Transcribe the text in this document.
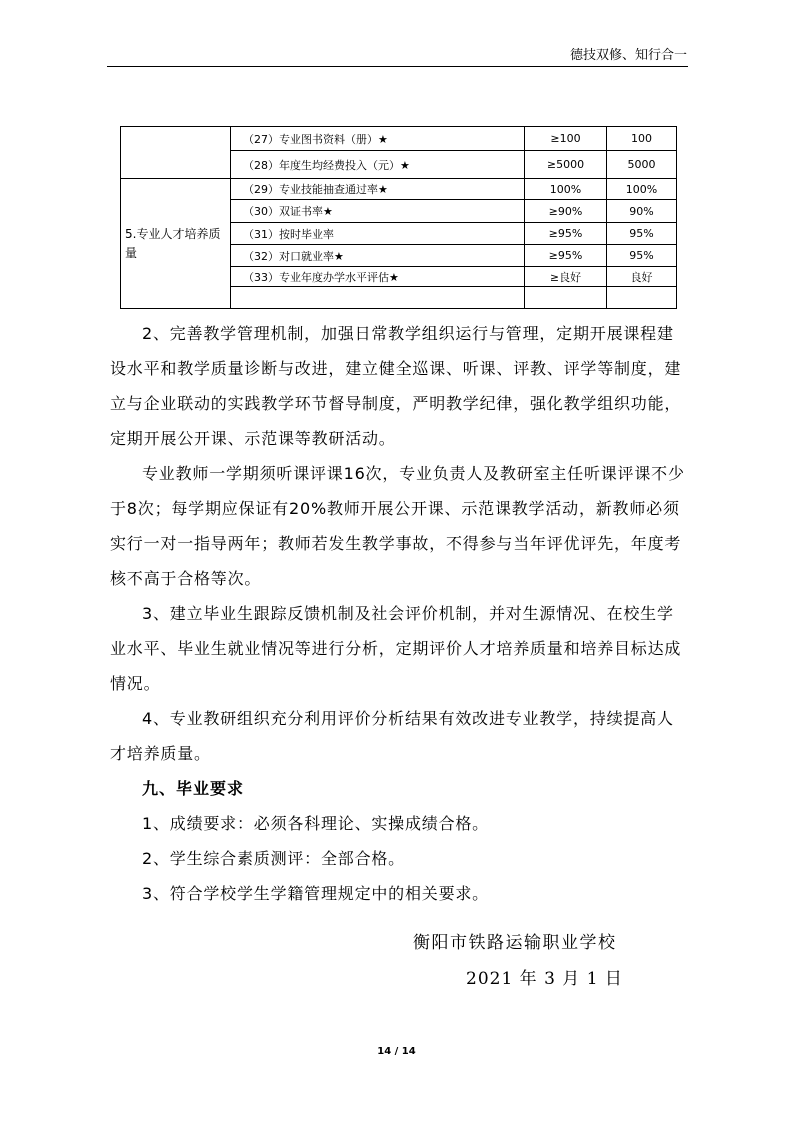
德技双修、知行合一
	（27）专业图书资料（册）★	≥100	100
	（28）年度生均经费投入（元）★	≥5000	5000
5.专业人才培养质量	（29）专业技能抽查通过率★	100%	100%
	（30）双证书率★	≥90%	90%
	（31）按时毕业率	≥95%	95%
	（32）对口就业率★	≥95%	95%
	（33）专业年度办学水平评估★	≥良好	良好

2、完善教学管理机制，加强日常教学组织运行与管理，定期开展课程建设水平和教学质量诊断与改进，建立健全巡课、听课、评教、评学等制度，建立与企业联动的实践教学环节督导制度，严明教学纪律，强化教学组织功能，定期开展公开课、示范课等教研活动。

专业教师一学期须听课评课16次，专业负责人及教研室主任听课评课不少于8次；每学期应保证有20%教师开展公开课、示范课教学活动，新教师必须实行一对一指导两年；教师若发生教学事故，不得参与当年评优评先，年度考核不高于合格等次。

3、建立毕业生跟踪反馈机制及社会评价机制，并对生源情况、在校生学业水平、毕业生就业情况等进行分析，定期评价人才培养质量和培养目标达成情况。

4、专业教研组织充分利用评价分析结果有效改进专业教学，持续提高人才培养质量。

九、毕业要求

1、成绩要求：必须各科理论、实操成绩合格。

2、学生综合素质测评：全部合格。

3、符合学校学生学籍管理规定中的相关要求。

衡阳市铁路运输职业学校
2021 年 3 月 1 日
14 / 14
